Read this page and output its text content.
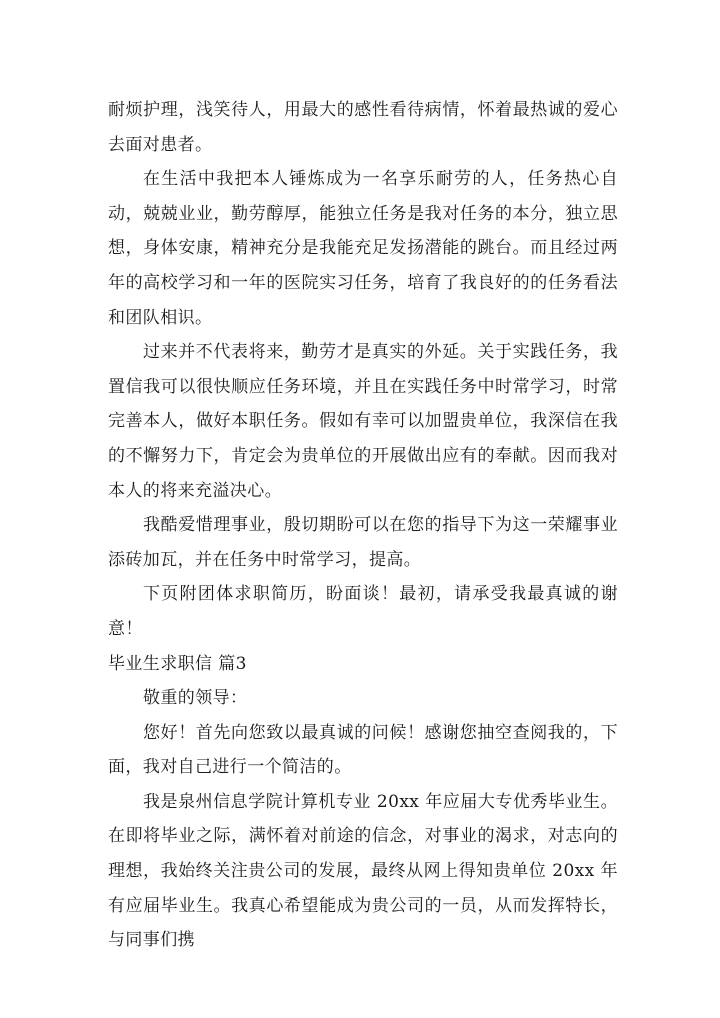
耐烦护理，浅笑待人，用最大的感性看待病情，怀着最热诚的爱心去面对患者。

在生活中我把本人锤炼成为一名享乐耐劳的人，任务热心自动，兢兢业业，勤劳醇厚，能独立任务是我对任务的本分，独立思想，身体安康，精神充分是我能充足发扬潜能的跳台。而且经过两年的高校学习和一年的医院实习任务，培育了我良好的的任务看法和团队相识。

过来并不代表将来，勤劳才是真实的外延。关于实践任务，我置信我可以很快顺应任务环境，并且在实践任务中时常学习，时常完善本人，做好本职任务。假如有幸可以加盟贵单位，我深信在我的不懈努力下，肯定会为贵单位的开展做出应有的奉献。因而我对本人的将来充溢决心。

我酷爱惜理事业，殷切期盼可以在您的指导下为这一荣耀事业添砖加瓦，并在任务中时常学习，提高。

下页附团体求职简历，盼面谈！最初，请承受我最真诚的谢意！

毕业生求职信 篇3

敬重的领导：

您好！首先向您致以最真诚的问候！感谢您抽空查阅我的，下面，我对自己进行一个简洁的。

我是泉州信息学院计算机专业 20xx 年应届大专优秀毕业生。在即将毕业之际，满怀着对前途的信念，对事业的渴求，对志向的理想，我始终关注贵公司的发展，最终从网上得知贵单位 20xx 年有应届毕业生。我真心希望能成为贵公司的一员，从而发挥特长，与同事们携
